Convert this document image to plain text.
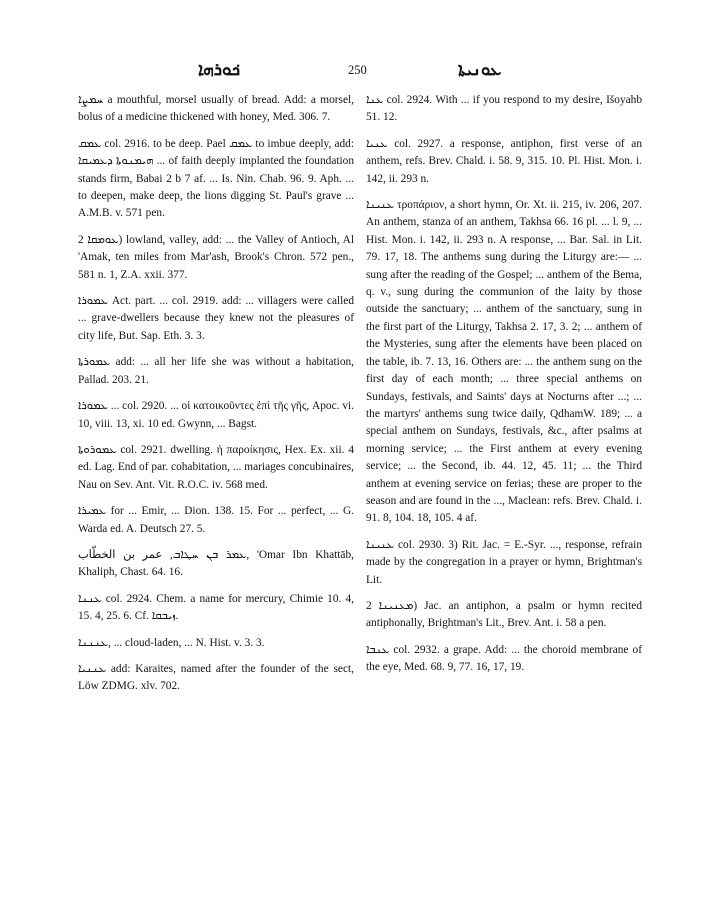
ܟ݁ܘܪܗܐ	250	ܥܘܢܝܬܐ
ܚܡܨܐ a mouthful, morsel usually of bread. Add: a morsel, bolus of a medicine thickened with honey, Med. 306. 7.
ܥܡܩ col. 2916. to be deep. Pael ܥܡܩ to imbue deeply, add: ܗܝܡܢܘܬܐ ܕܥܡܝܩܐ ... of faith deeply implanted the foundation stands firm, Babai 2 b 7 af. ... Is. Nin. Chab. 96. 9. Aph. ... to deepen, make deep, the lions digging St. Paul's grave ... A.M.B. v. 571 pen.
ܥܘܡܩܐ 2) lowland, valley, add: ... the Valley of Antioch, Al 'Amak, ten miles from Mar'ash, Brook's Chron. 572 pen., 581 n. 1, Z.A. xxii. 377.
ܥܡܘܪܐ Act. part. ... col. 2919. add: ... villagers were called ... grave-dwellers because they knew not the pleasures of city life, But. Sap. Eth. 3. 3.
ܥܡܘܪܬܐ add: ... all her life she was without a habitation, Pallad. 203. 21.
ܥܡܘܪܐ ... col. 2920. ... οἱ κατοικοῦντες ἐπὶ τῆς γῆς, Apoc. vi. 10, viii. 13, xi. 10 ed. Gwynn, ... Bagst.
ܥܡܘܪܘܬܐ col. 2921. dwelling. ἡ παροίκησις, Hex. Ex. xii. 4 ed. Lag. End of par. cohabitation, ... mariages concubinaires, Nau on Sev. Ant. Vit. R.O.C. iv. 568 med.
ܥܡܝܪܐ for ... Emir, ... Dion. 138. 15. For ... perfect, ... G. Warda ed. A. Deutsch 27. 5.
ܥܡܪ ܒܢ ܚܛܐܒ, عمر بن الخطّاب, 'Omar Ibn Khattāb, Khaliph, Chast. 64. 16.
ܥܢܢܐ col. 2924. Chem. a name for mercury, Chimie 10. 4, 15. 4, 25. 6. Cf. ܙܝܒܩܐ.
ܥܢܢܢܐ, ... cloud-laden, ... N. Hist. v. 3. 3.
ܥܢܢܝܐ add: Karaites, named after the founder of the sect, Löw ZDMG. xlv. 702.
ܥܢܐ col. 2924. With ... if you respond to my desire, Išoyahb 51. 12.
ܥܢܝܐ col. 2927. a response, antiphon, first verse of an anthem, refs. Brev. Chald. i. 58. 9, 315. 10. Pl. Hist. Mon. i. 142, ii. 293 n.
ܥܢܝܢܐ τροπάριον, a short hymn, Or. Xt. ii. 215, iv. 206, 207. An anthem, stanza of an anthem, Takhsa 66. 16 pl. ... l. 9, ... Hist. Mon. i. 142, ii. 293 n. A response, ... Bar. Sal. in Lit. 79. 17, 18. The anthems sung during the Liturgy are:— ... sung after the reading of the Gospel; ... anthem of the Bema, q. v., sung during the communion of the laity by those outside the sanctuary; ... anthem of the sanctuary, sung in the first part of the Liturgy, Takhsa 2. 17, 3. 2; ... anthem of the Mysteries, sung after the elements have been placed on the table, ib. 7. 13, 16. Others are: ... the anthem sung on the first day of each month; ... three special anthems on Sundays, festivals, and Saints' days at Nocturns after ...; ... the martyrs' anthems sung twice daily, QdhamW. 189; ... a special anthem on Sundays, festivals, &c., after psalms at morning service; ... the First anthem at every evening service; ... the Second, ib. 44. 12, 45. 11; ... the Third anthem at evening service on ferias; these are proper to the season and are found in the ..., Maclean: refs. Brev. Chald. i. 91. 8, 104. 18, 105. 4 af.
ܥܢܝܢܐ col. 2930. 3) Rit. Jac. = E.-Syr. ..., response, refrain made by the congregation in a prayer or hymn, Brightman's Lit.
ܡܥܢܝܢܐ 2) Jac. an antiphon, a psalm or hymn recited antiphonally, Brightman's Lit., Brev. Ant. i. 58 a pen.
ܥܢܒܐ col. 2932. a grape. Add: ... the choroid membrane of the eye, Med. 68. 9, 77. 16, 17, 19.
